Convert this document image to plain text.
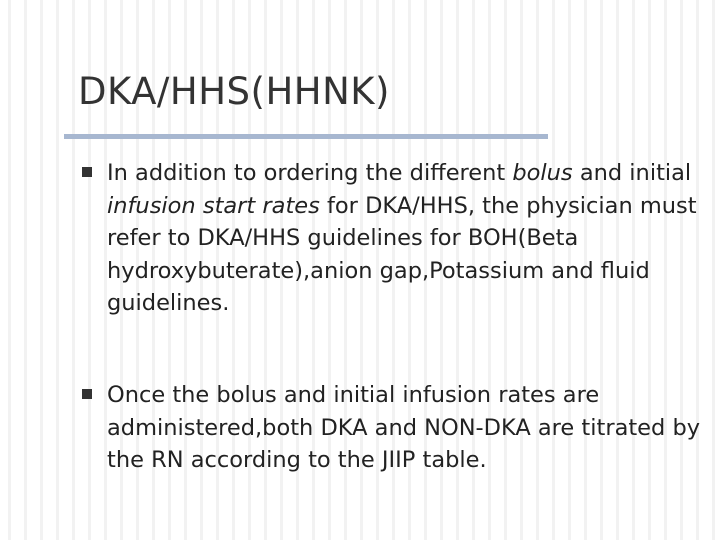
DKA/HHS(HHNK)
In addition to ordering the different bolus and initial infusion start rates for DKA/HHS, the physician must refer to DKA/HHS guidelines for BOH(Beta hydroxybuterate),anion gap,Potassium and fluid guidelines.
Once the bolus and initial infusion rates are administered,both DKA and NON-DKA are titrated by the RN according to the JIIP table.
